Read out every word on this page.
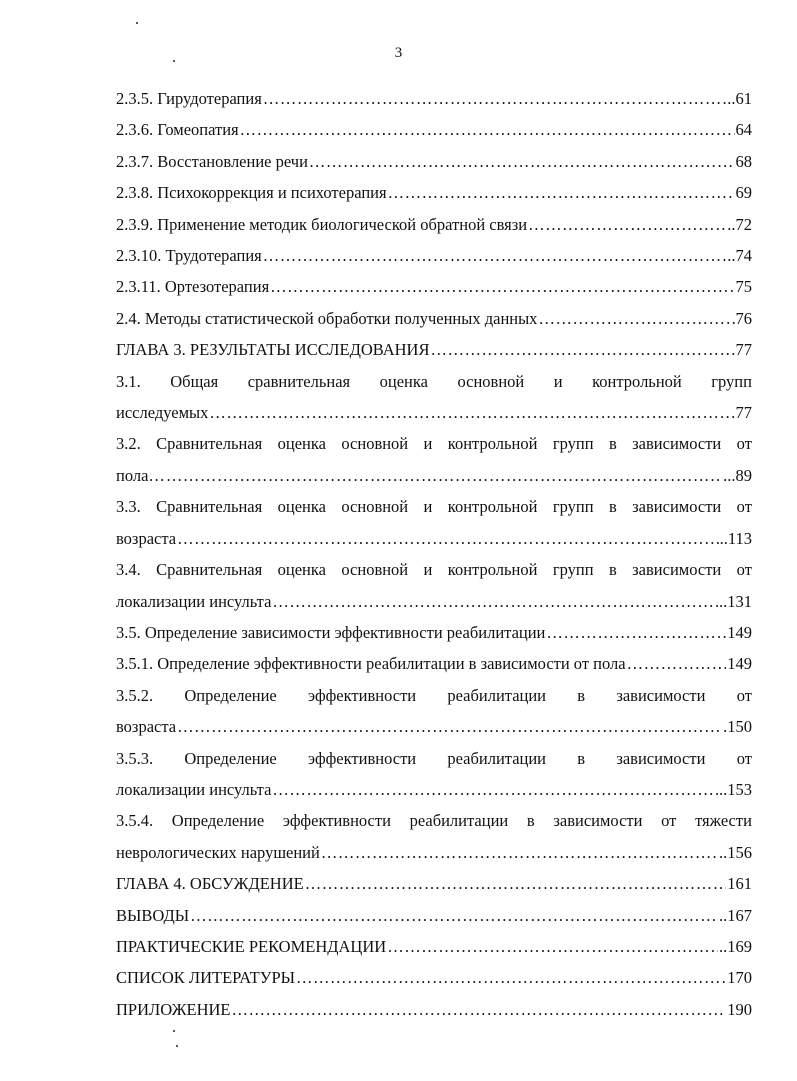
3
2.3.5. Гирудотерапия ……………………………………………………………………………………………………………………………………………………………………………………	..61
2.3.6. Гомеопатия ……………………………………………………………………………………………………………………………………………………………………………………	64
2.3.7. Восстановление речи ……………………………………………………………………………………………………………………………………………………………………………………	68
2.3.8. Психокоррекция и психотерапия ……………………………………………………………………………………………………………………………………………………………………………………	69
2.3.9. Применение методик биологической обратной связи ……………………………………………………………………………………………………………………………………………………………………………………	..72
2.3.10. Трудотерапия ……………………………………………………………………………………………………………………………………………………………………………………	..74
2.3.11. Ортезотерапия ……………………………………………………………………………………………………………………………………………………………………………………	75
2.4. Методы статистической обработки полученных данных ……………………………………………………………………………………………………………………………………………………………………………………	76
ГЛАВА 3. РЕЗУЛЬТАТЫ ИССЛЕДОВАНИЯ ……………………………………………………………………………………………………………………………………………………………………………………	77
3.1. Общая сравнительная оценка основной и контрольной групп
исследуемых ……………………………………………………………………………………………………………………………………………………………………………………	77
3.2. Сравнительная оценка основной и контрольной групп в зависимости от
пола… ……………………………………………………………………………………………………………………………………………………………………………………	...89
3.3. Сравнительная оценка основной и контрольной групп в зависимости от
возраста ……………………………………………………………………………………………………………………………………………………………………………………	..113
3.4. Сравнительная оценка основной и контрольной групп в зависимости от
локализации инсульта ……………………………………………………………………………………………………………………………………………………………………………………	..131
3.5. Определение зависимости эффективности реабилитации ……………………………………………………………………………………………………………………………………………………………………………………	149
3.5.1. Определение эффективности реабилитации в зависимости от пола ……………………………………………………………………………………………………………………………………………………………………………………	149
3.5.2. Определение эффективности реабилитации в зависимости от
возраста ……………………………………………………………………………………………………………………………………………………………………………………	.150
3.5.3. Определение эффективности реабилитации в зависимости от
локализации инсульта ……………………………………………………………………………………………………………………………………………………………………………………	..153
3.5.4. Определение эффективности реабилитации в зависимости от тяжести
неврологических нарушений ……………………………………………………………………………………………………………………………………………………………………………………	..156
ГЛАВА 4. ОБСУЖДЕНИЕ ……………………………………………………………………………………………………………………………………………………………………………………	161
ВЫВОДЫ ……………………………………………………………………………………………………………………………………………………………………………………	..167
ПРАКТИЧЕСКИЕ РЕКОМЕНДАЦИИ ……………………………………………………………………………………………………………………………………………………………………………………	..169
СПИСОК ЛИТЕРАТУРЫ ……………………………………………………………………………………………………………………………………………………………………………………	170
ПРИЛОЖЕНИЕ ……………………………………………………………………………………………………………………………………………………………………………………	190
